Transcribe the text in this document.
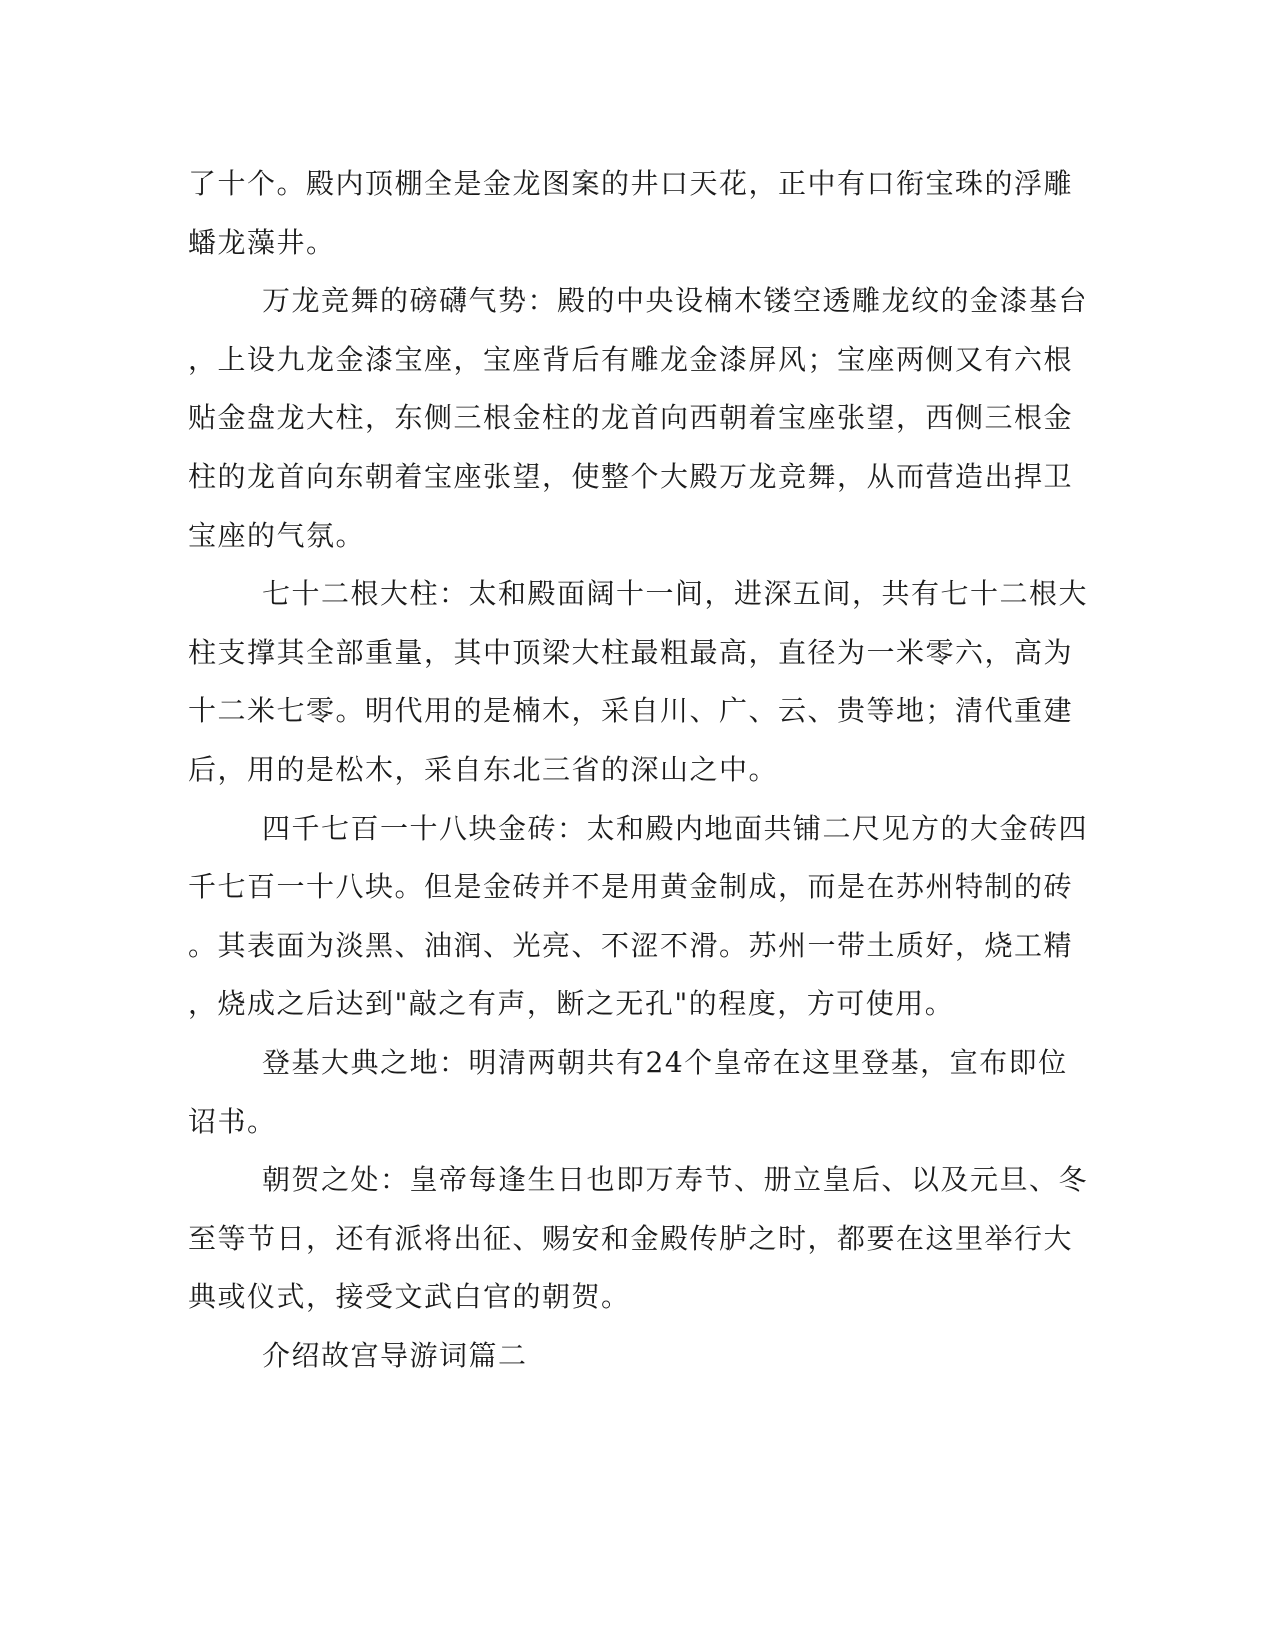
了十个。殿内顶棚全是金龙图案的井口天花，正中有口衔宝珠的浮雕
蟠龙藻井。
万龙竞舞的磅礴气势：殿的中央设楠木镂空透雕龙纹的金漆基台
，上设九龙金漆宝座，宝座背后有雕龙金漆屏风；宝座两侧又有六根
贴金盘龙大柱，东侧三根金柱的龙首向西朝着宝座张望，西侧三根金
柱的龙首向东朝着宝座张望，使整个大殿万龙竞舞，从而营造出捍卫
宝座的气氛。
七十二根大柱：太和殿面阔十一间，进深五间，共有七十二根大
柱支撑其全部重量，其中顶梁大柱最粗最高，直径为一米零六，高为
十二米七零。明代用的是楠木，采自川、广、云、贵等地；清代重建
后，用的是松木，采自东北三省的深山之中。
四千七百一十八块金砖：太和殿内地面共铺二尺见方的大金砖四
千七百一十八块。但是金砖并不是用黄金制成，而是在苏州特制的砖
。其表面为淡黑、油润、光亮、不涩不滑。苏州一带土质好，烧工精
，烧成之后达到"敲之有声，断之无孔"的程度，方可使用。
登基大典之地：明清两朝共有24个皇帝在这里登基，宣布即位
诏书。
朝贺之处：皇帝每逢生日也即万寿节、册立皇后、以及元旦、冬
至等节日，还有派将出征、赐安和金殿传胪之时，都要在这里举行大
典或仪式，接受文武白官的朝贺。
介绍故宫导游词篇二
